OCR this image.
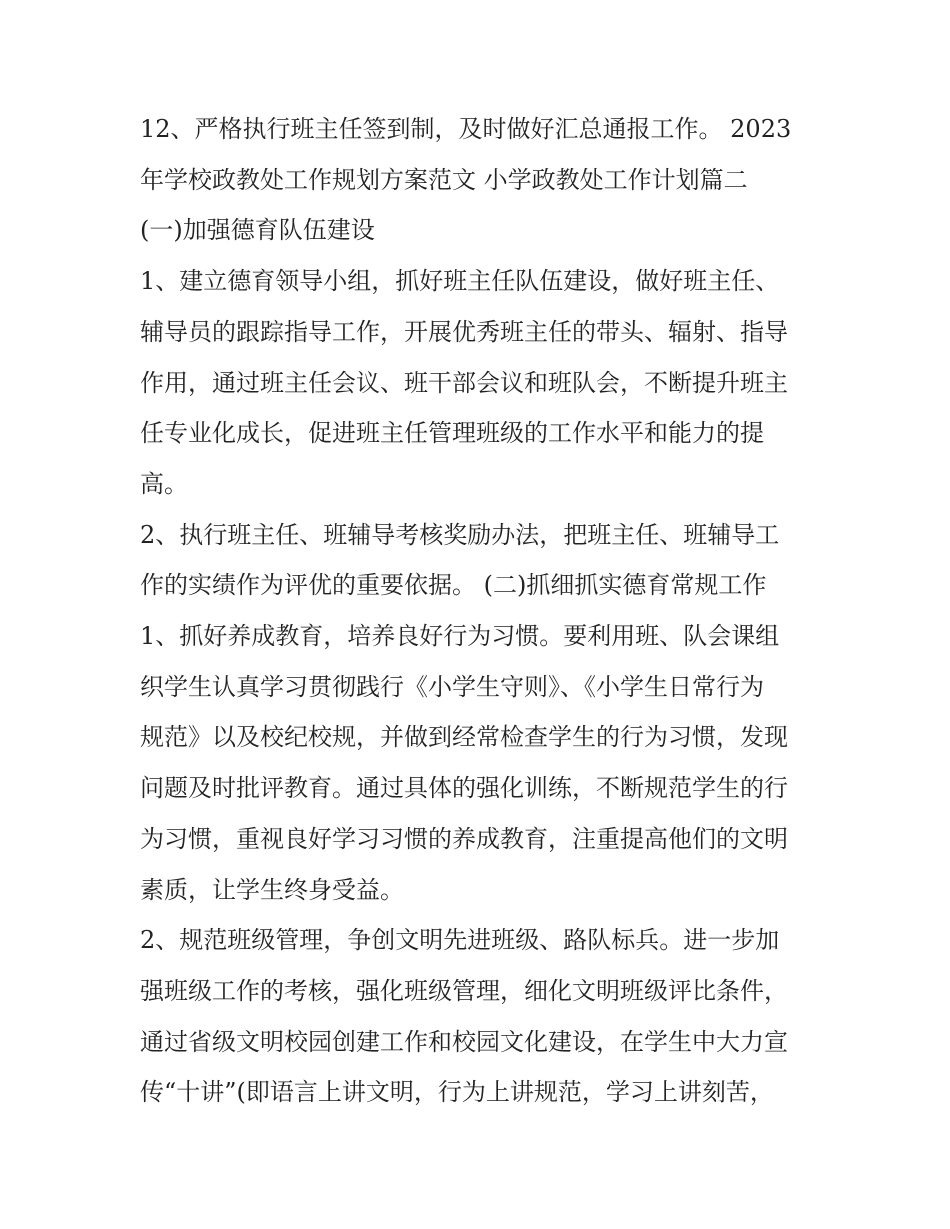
12、严格执行班主任签到制，及时做好汇总通报工作。 2023
年学校政教处工作规划方案范文 小学政教处工作计划篇二

(一)加强德育队伍建设

1、建立德育领导小组，抓好班主任队伍建设，做好班主任、
辅导员的跟踪指导工作，开展优秀班主任的带头、辐射、指导
作用，通过班主任会议、班干部会议和班队会，不断提升班主
任专业化成长，促进班主任管理班级的工作水平和能力的提
高。

2、执行班主任、班辅导考核奖励办法，把班主任、班辅导工
作的实绩作为评优的重要依据。 (二)抓细抓实德育常规工作

1、抓好养成教育，培养良好行为习惯。要利用班、队会课组
织学生认真学习贯彻践行《小学生守则》、《小学生日常行为
规范》以及校纪校规，并做到经常检查学生的行为习惯，发现
问题及时批评教育。通过具体的强化训练，不断规范学生的行
为习惯，重视良好学习习惯的养成教育，注重提高他们的文明
素质，让学生终身受益。

2、规范班级管理，争创文明先进班级、路队标兵。进一步加
强班级工作的考核，强化班级管理，细化文明班级评比条件，
通过省级文明校园创建工作和校园文化建设，在学生中大力宣
传“十讲”(即语言上讲文明，行为上讲规范，学习上讲刻苦，
